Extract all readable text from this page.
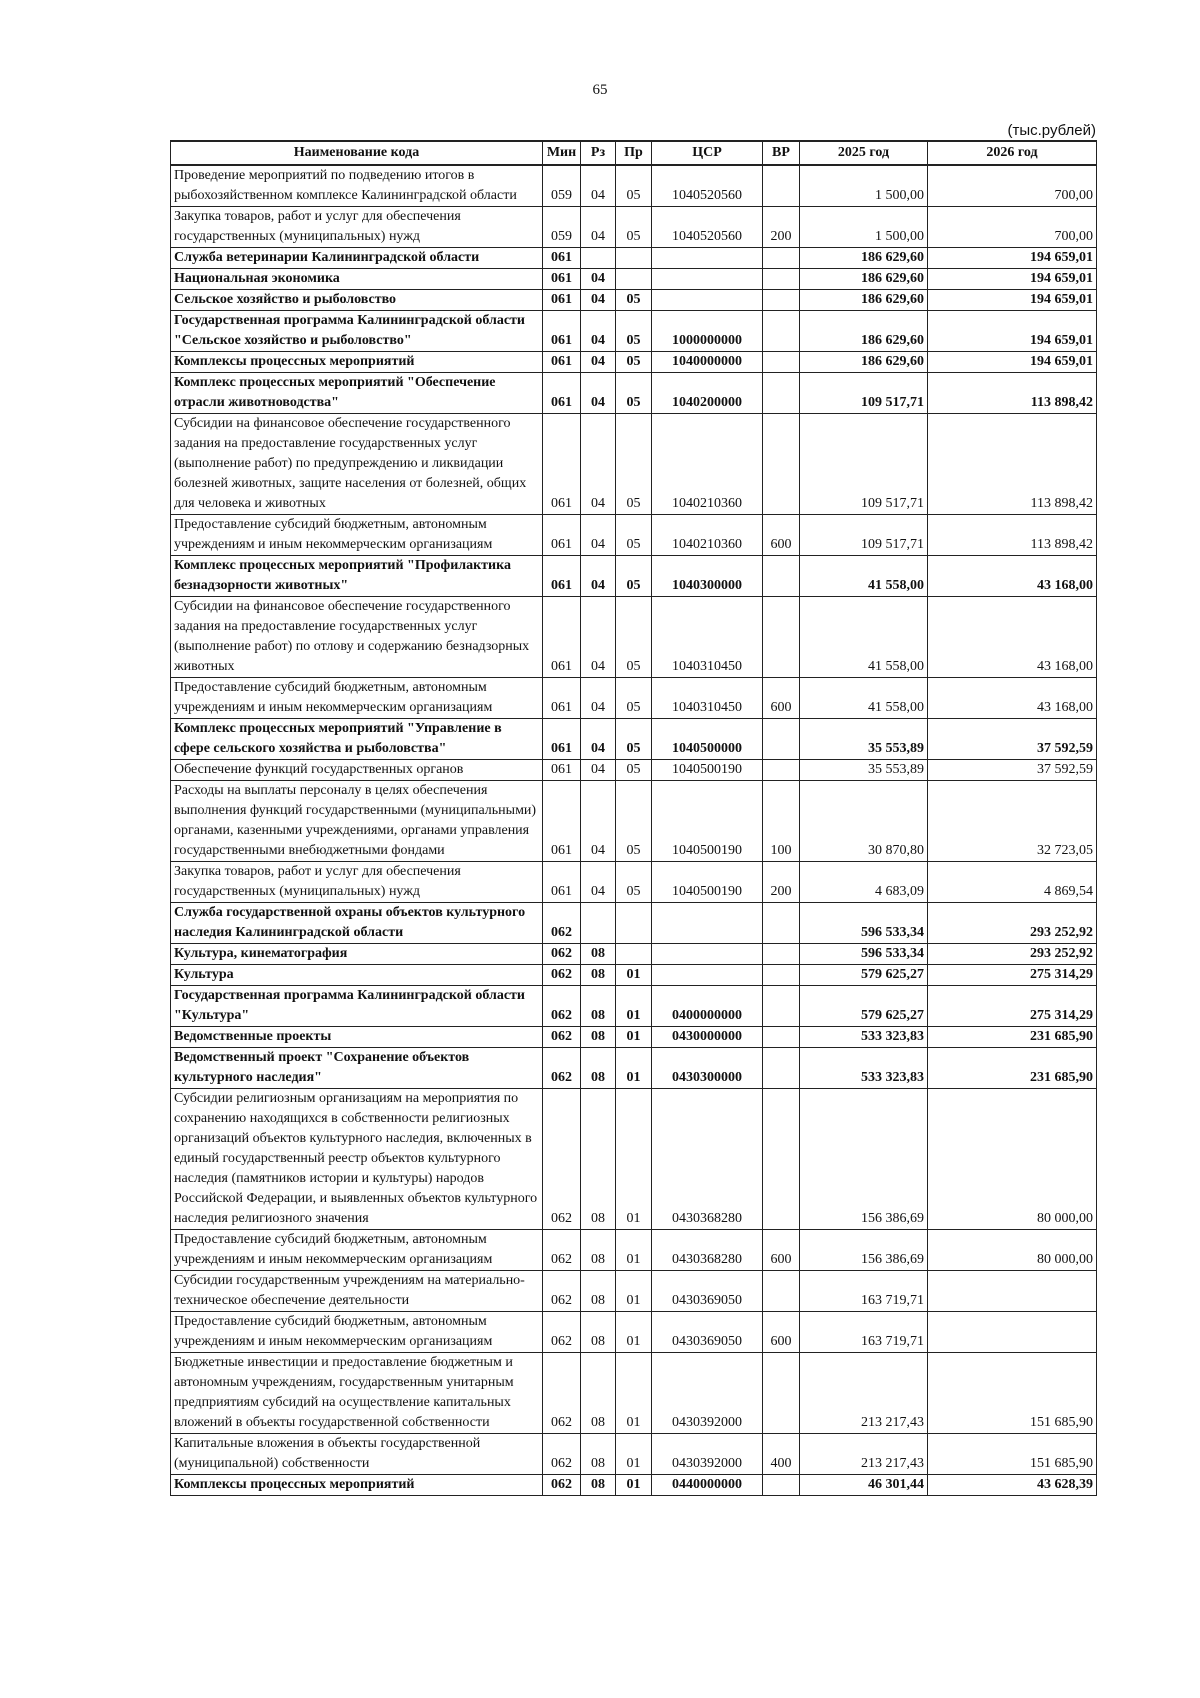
65
(тыс.рублей)
Наименование кода	Мин	Рз	Пр	ЦСР	ВР	2025 год	2026 год
Проведение мероприятий по подведению итогов в рыбохозяйственном комплексе Калининградской области	059	04	05	1040520560		1 500,00	700,00
Закупка товаров, работ и услуг для обеспечения государственных (муниципальных) нужд	059	04	05	1040520560	200	1 500,00	700,00
Служба ветеринарии Калининградской области	061					186 629,60	194 659,01
Национальная экономика	061	04				186 629,60	194 659,01
Сельское хозяйство и рыболовство	061	04	05			186 629,60	194 659,01
Государственная программа Калининградской области "Сельское хозяйство и рыболовство"	061	04	05	1000000000		186 629,60	194 659,01
Комплексы процессных мероприятий	061	04	05	1040000000		186 629,60	194 659,01
Комплекс процессных мероприятий "Обеспечение отрасли животноводства"	061	04	05	1040200000		109 517,71	113 898,42
Субсидии на финансовое обеспечение государственного задания на предоставление государственных услуг (выполнение работ) по предупреждению и ликвидации болезней животных, защите населения от болезней, общих для человека и животных	061	04	05	1040210360		109 517,71	113 898,42
Предоставление субсидий бюджетным, автономным учреждениям и иным некоммерческим организациям	061	04	05	1040210360	600	109 517,71	113 898,42
Комплекс процессных мероприятий "Профилактика безнадзорности животных"	061	04	05	1040300000		41 558,00	43 168,00
Субсидии на финансовое обеспечение государственного задания на предоставление государственных услуг (выполнение работ) по отлову и содержанию безнадзорных животных	061	04	05	1040310450		41 558,00	43 168,00
Предоставление субсидий бюджетным, автономным учреждениям и иным некоммерческим организациям	061	04	05	1040310450	600	41 558,00	43 168,00
Комплекс процессных мероприятий "Управление в сфере сельского хозяйства и рыболовства"	061	04	05	1040500000		35 553,89	37 592,59
Обеспечение функций государственных органов	061	04	05	1040500190		35 553,89	37 592,59
Расходы на выплаты персоналу в целях обеспечения выполнения функций государственными (муниципальными) органами, казенными учреждениями, органами управления государственными внебюджетными фондами	061	04	05	1040500190	100	30 870,80	32 723,05
Закупка товаров, работ и услуг для обеспечения государственных (муниципальных) нужд	061	04	05	1040500190	200	4 683,09	4 869,54
Служба государственной охраны объектов культурного наследия Калининградской области	062					596 533,34	293 252,92
Культура, кинематография	062	08				596 533,34	293 252,92
Культура	062	08	01			579 625,27	275 314,29
Государственная программа Калининградской области "Культура"	062	08	01	0400000000		579 625,27	275 314,29
Ведомственные проекты	062	08	01	0430000000		533 323,83	231 685,90
Ведомственный проект "Сохранение объектов культурного наследия"	062	08	01	0430300000		533 323,83	231 685,90
Субсидии религиозным организациям на мероприятия по сохранению находящихся в собственности религиозных организаций объектов культурного наследия, включенных в единый государственный реестр объектов культурного наследия (памятников истории и культуры) народов Российской Федерации, и выявленных объектов культурного наследия религиозного значения	062	08	01	0430368280		156 386,69	80 000,00
Предоставление субсидий бюджетным, автономным учреждениям и иным некоммерческим организациям	062	08	01	0430368280	600	156 386,69	80 000,00
Субсидии государственным учреждениям на материально-техническое обеспечение деятельности	062	08	01	0430369050		163 719,71	
Предоставление субсидий бюджетным, автономным учреждениям и иным некоммерческим организациям	062	08	01	0430369050	600	163 719,71	
Бюджетные инвестиции и предоставление бюджетным и автономным учреждениям, государственным унитарным предприятиям субсидий на осуществление капитальных вложений в объекты государственной собственности	062	08	01	0430392000		213 217,43	151 685,90
Капитальные вложения в объекты государственной (муниципальной) собственности	062	08	01	0430392000	400	213 217,43	151 685,90
Комплексы процессных мероприятий	062	08	01	0440000000		46 301,44	43 628,39
